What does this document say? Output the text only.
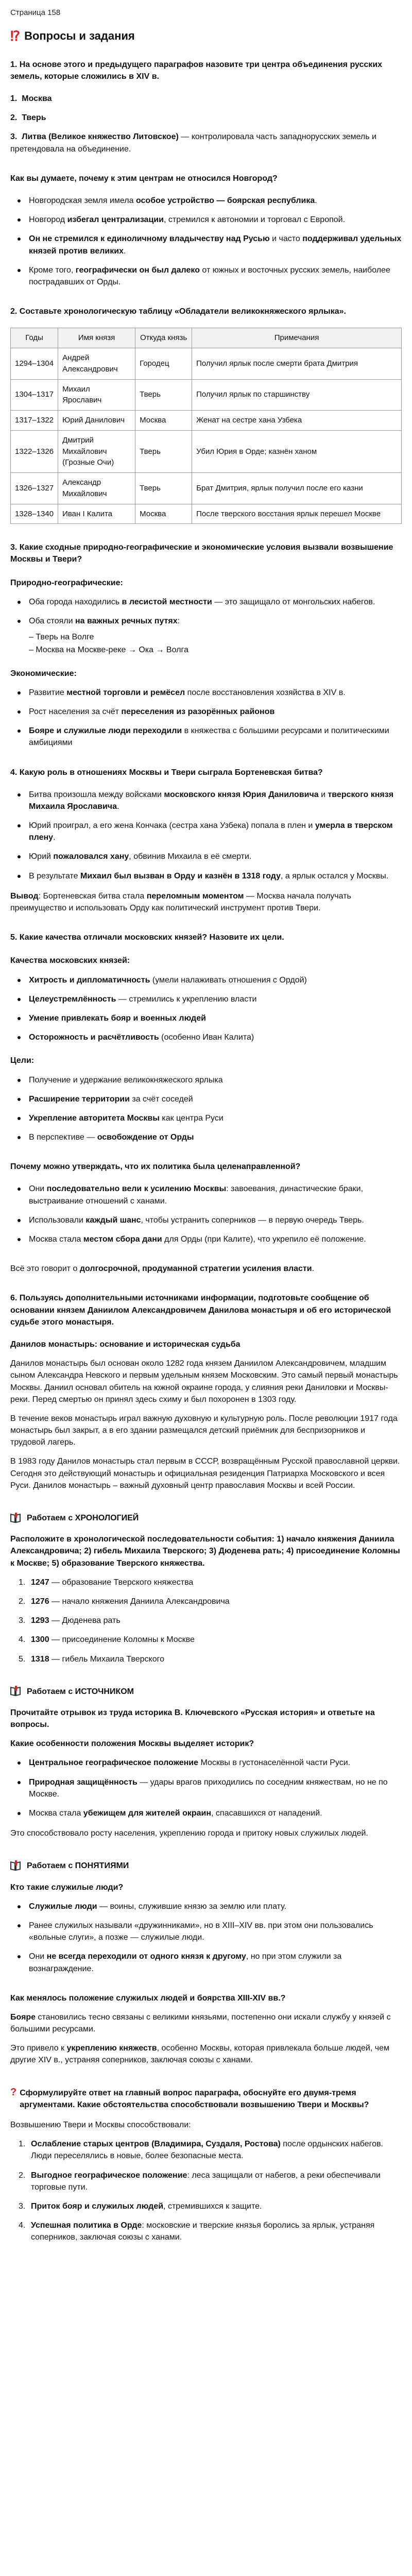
Страница 158
⁉ Вопросы и задания
1. На основе этого и предыдущего параграфов назовите три центра объединения русских земель, которые сложились в XIV в.
1.  Москва
2.  Тверь
3.  Литва (Великое княжество Литовское) — контролировала часть западнорусских земель и претендовала на объединение.
Как вы думаете, почему к этим центрам не относился Новгород?
Новгородская земля имела особое устройство — боярская республика.
Новгород избегал централизации, стремился к автономии и торговал с Европой.
Он не стремился к единоличному владычеству над Русью и часто поддерживал удельных князей против великих.
Кроме того, географически он был далеко от южных и восточных русских земель, наиболее пострадавших от Орды.
2. Составьте хронологическую таблицу «Обладатели великокняжеского ярлыка».
Годы	Имя князя	Откуда князь	Примечания
1294–1304	Андрей Александрович	Городец	Получил ярлык после смерти брата Дмитрия
1304–1317	Михаил Ярославич	Тверь	Получил ярлык по старшинству
1317–1322	Юрий Данилович	Москва	Женат на сестре хана Узбека
1322–1326	Дмитрий Михайлович (Грозные Очи)	Тверь	Убил Юрия в Орде; казнён ханом
1326–1327	Александр Михайлович	Тверь	Брат Дмитрия, ярлык получил после его казни
1328–1340	Иван I Калита	Москва	После тверского восстания ярлык перешел Москве
3. Какие сходные природно-географические и экономические условия вызвали возвышение Москвы и Твери?
Природно-географические:
Оба города находились в лесистой местности — это защищало от монгольских набегов.
Оба стояли на важных речных путях:
– Тверь на Волге
– Москва на Москве-реке → Ока → Волга
Экономические:
Развитие местной торговли и ремёсел после восстановления хозяйства в XIV в.
Рост населения за счёт переселения из разорённых районов
Бояре и служилые люди переходили в княжества с большими ресурсами и политическими амбициями
4. Какую роль в отношениях Москвы и Твери сыграла Бортеневская битва?
Битва произошла между войсками московского князя Юрия Даниловича и тверского князя Михаила Ярославича.
Юрий проиграл, а его жена Кончака (сестра хана Узбека) попала в плен и умерла в тверском плену.
Юрий пожаловался хану, обвинив Михаила в её смерти.
В результате Михаил был вызван в Орду и казнён в 1318 году, а ярлык остался у Москвы.

Вывод: Бортеневская битва стала переломным моментом — Москва начала получать преимущество и использовать Орду как политический инструмент против Твери.

5. Какие качества отличали московских князей? Назовите их цели.
Качества московских князей:
Хитрость и дипломатичность (умели налаживать отношения с Ордой)
Целеустремлённость — стремились к укреплению власти
Умение привлекать бояр и военных людей
Осторожность и расчётливость (особенно Иван Калита)
Цели:
Получение и удержание великокняжеского ярлыка
Расширение территории за счёт соседей
Укрепление авторитета Москвы как центра Руси
В перспективе — освобождение от Орды
Почему можно утверждать, что их политика была целенаправленной?
Они последовательно вели к усилению Москвы: завоевания, династические браки, выстраивание отношений с ханами.
Использовали каждый шанс, чтобы устранить соперников — в первую очередь Тверь.
Москва стала местом сбора дани для Орды (при Калите), что укрепило её положение.

Всё это говорит о долгосрочной, продуманной стратегии усиления власти.

6. Пользуясь дополнительными источниками информации, подготовьте сообщение об основании князем Даниилом Александровичем Даниловa монастыря и об его исторической судьбе этого монастыря.
Данилов монастырь: основание и историческая судьба

Данилов монастырь был основан около 1282 года князем Даниилом Александровичем, младшим сыном Александра Невского и первым удельным князем Московским. Это самый первый монастырь Москвы. Даниил основал обитель на южной окраине города, у слияния реки Даниловки и Москвы-реки. Перед смертью он принял здесь схиму и был похоронен в 1303 году.

В течение веков монастырь играл важную духовную и культурную роль. После революции 1917 года монастырь был закрыт, а в его здании размещался детский приёмник для беспризорников и трудовой лагерь.

В 1983 году Данилов монастырь стал первым в СССР, возвращённым Русской православной церкви. Сегодня это действующий монастырь и официальная резиденция Патриарха Московского и всея Руси. Данилов монастырь – важный духовный центр православия Москвы и всей России.

Работаем с ХРОНОЛОГИЕЙ

Расположите в хронологической последовательности события: 1) начало княжения Даниила Александровича; 2) гибель Михаила Тверского; 3) Дюденева рать; 4) присоединение Коломны к Москве; 5) образование Тверского княжества.

1. 1247 — образование Тверского княжества
2. 1276 — начало княжения Даниила Александровича
3. 1293 — Дюденева рать
4. 1300 — присоединение Коломны к Москве
5. 1318 — гибель Михаила Тверского
Работаем с ИСТОЧНИКОМ

Прочитайте отрывок из труда историка В. Ключевского «Русская история» и ответьте на вопросы.

Какие особенности положения Москвы выделяет историк?

Центральное географическое положение Москвы в густонаселённой части Руси.
Природная защищённость — удары врагов приходились по соседним княжествам, но не по Москве.
Москва стала убежищем для жителей окраин, спасавшихся от нападений.

Это способствовало росту населения, укреплению города и притоку новых служилых людей.

Работаем с ПОНЯТИЯМИ

Кто такие служилые люди?

Служилые люди — воины, служившие князю за землю или плату.
Ранее служилых называли «дружинниками», но в XIII–XIV вв. при этом они пользовались «вольные слуги», а позже — служилые люди.
Они не всегда переходили от одного князя к другому, но при этом служили за вознаграждение.

Как менялось положение служилых людей и боярства XIII-XIV вв.?

Бояре становились тесно связаны с великими князьями, постепенно они искали службу у князей с большими ресурсами.

Это привело к укреплению княжеств, особенно Москвы, которая привлекала больше людей, чем другие XIV в., устраняя соперников, заключая союзы с ханами.

? Сформулируйте ответ на главный вопрос параграфа, обоснуйте его двумя-тремя аргументами. Какие обстоятельства способствовали возвышению Твери и Москвы?

Возвышению Твери и Москвы способствовали:

1. Ослабление старых центров (Владимира, Суздаля, Ростова) после ордынских набегов. Люди переселялись в новые, более безопасные места.
2. Выгодное географическое положение: леса защищали от набегов, а реки обеспечивали торговые пути.
3. Приток бояр и служилых людей, стремившихся к защите.
4. Успешная политика в Орде: московские и тверские князья боролись за ярлык, устраняя соперников, заключая союзы с ханами.
